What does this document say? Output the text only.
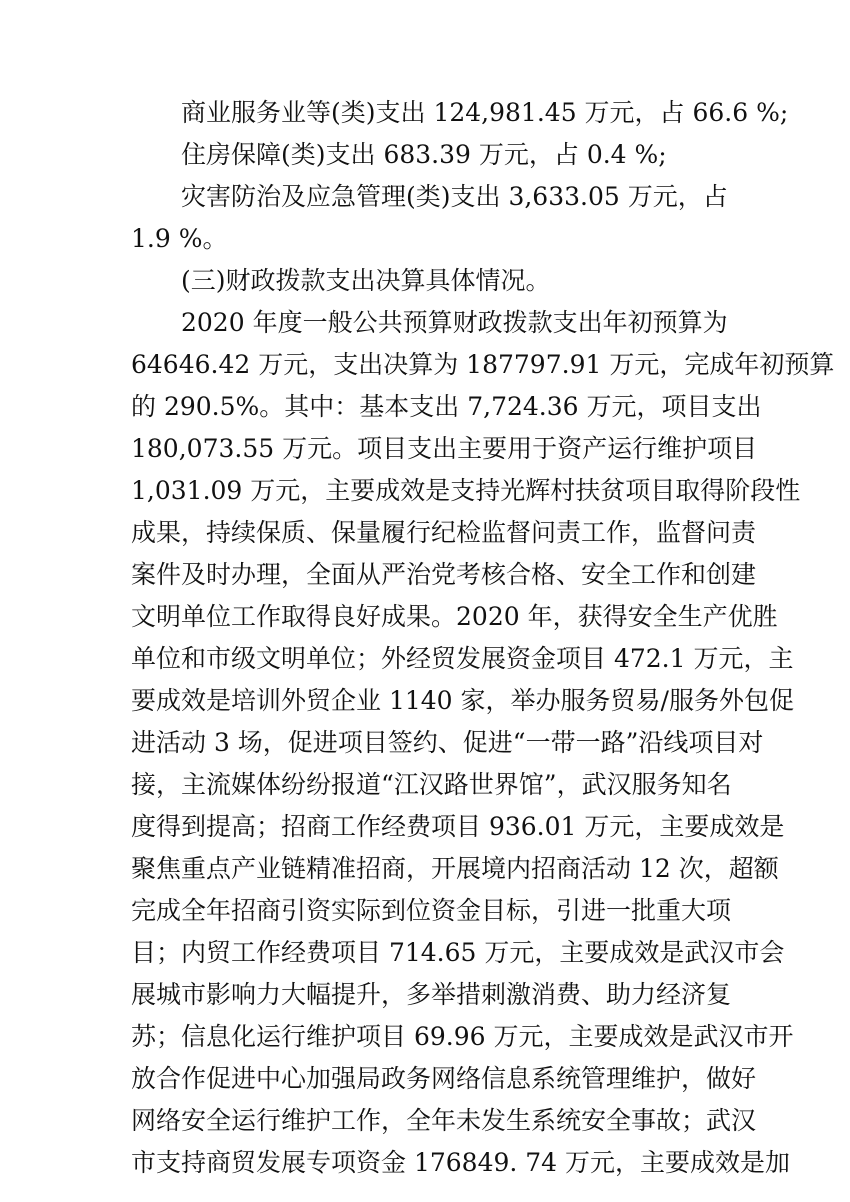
商业服务业等(类)支出 124,981.45 万元，占 66.6 %;
住房保障(类)支出 683.39 万元，占 0.4 %;
灾害防治及应急管理(类)支出 3,633.05 万元，占
1.9 %。
(三)财政拨款支出决算具体情况。
2020 年度一般公共预算财政拨款支出年初预算为
64646.42 万元，支出决算为 187797.91 万元，完成年初预算
的 290.5%。其中：基本支出 7,724.36 万元，项目支出
180,073.55 万元。项目支出主要用于资产运行维护项目
1,031.09 万元，主要成效是支持光辉村扶贫项目取得阶段性
成果，持续保质、保量履行纪检监督问责工作，监督问责
案件及时办理，全面从严治党考核合格、安全工作和创建
文明单位工作取得良好成果。2020 年，获得安全生产优胜
单位和市级文明单位；外经贸发展资金项目 472.1 万元，主
要成效是培训外贸企业 1140 家，举办服务贸易/服务外包促
进活动 3 场，促进项目签约、促进“一带一路”沿线项目对
接，主流媒体纷纷报道“江汉路世界馆”，武汉服务知名
度得到提高；招商工作经费项目 936.01 万元，主要成效是
聚焦重点产业链精准招商，开展境内招商活动 12 次，超额
完成全年招商引资实际到位资金目标，引进一批重大项
目；内贸工作经费项目 714.65 万元，主要成效是武汉市会
展城市影响力大幅提升，多举措刺激消费、助力经济复
苏；信息化运行维护项目 69.96 万元，主要成效是武汉市开
放合作促进中心加强局政务网络信息系统管理维护，做好
网络安全运行维护工作，全年未发生系统安全事故；武汉
市支持商贸发展专项资金 176849. 74 万元，主要成效是加
